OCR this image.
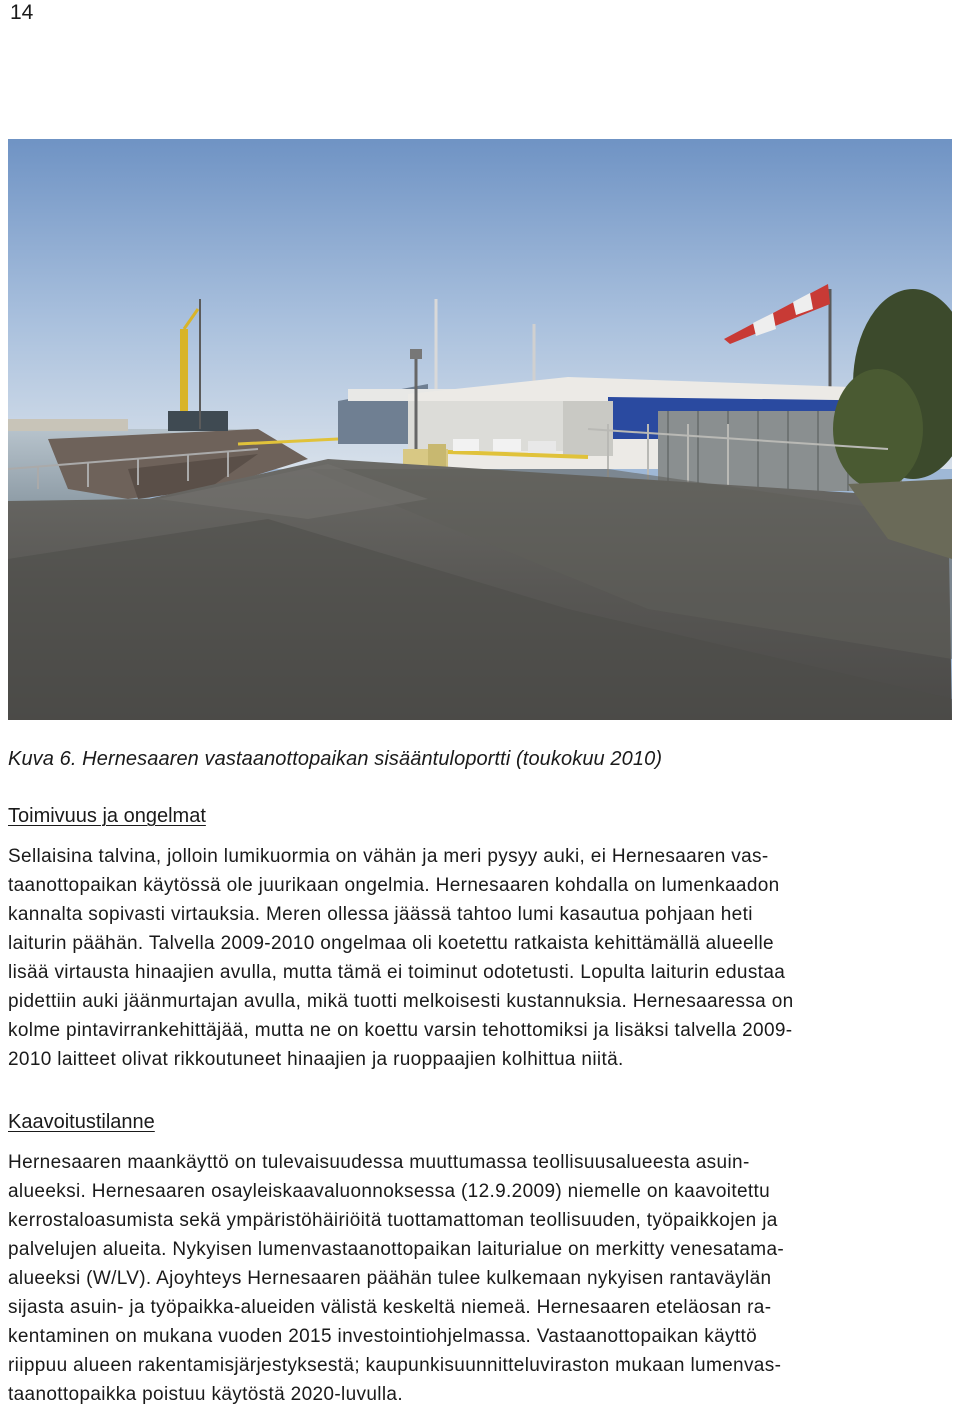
14
Kuva 6. Hernesaaren vastaanottopaikan sisääntuloportti (toukokuu 2010)
Toimivuus ja ongelmat

Sellaisina talvina, jolloin lumikuormia on vähän ja meri pysyy auki, ei Hernesaaren vas-
taanottopaikan käytössä ole juurikaan ongelmia. Hernesaaren kohdalla on lumenkaadon
kannalta sopivasti virtauksia. Meren ollessa jäässä tahtoo lumi kasautua pohjaan heti
laiturin päähän. Talvella 2009-2010 ongelmaa oli koetettu ratkaista kehittämällä alueelle
lisää virtausta hinaajien avulla, mutta tämä ei toiminut odotetusti. Lopulta laiturin edustaa
pidettiin auki jäänmurtajan avulla, mikä tuotti melkoisesti kustannuksia. Hernesaaressa on
kolme pintavirrankehittäjää, mutta ne on koettu varsin tehottomiksi ja lisäksi talvella 2009-
2010 laitteet olivat rikkoutuneet hinaajien ja ruoppaajien kolhittua niitä.

Kaavoitustilanne

Hernesaaren maankäyttö on tulevaisuudessa muuttumassa teollisuusalueesta asuin-
alueeksi. Hernesaaren osayleiskaavaluonnoksessa (12.9.2009) niemelle on kaavoitettu
kerrostaloasumista sekä ympäristöhäiriöitä tuottamattoman teollisuuden, työpaikkojen ja
palvelujen alueita. Nykyisen lumenvastaanottopaikan laiturialue on merkitty venesatama-
alueeksi (W/LV). Ajoyhteys Hernesaaren päähän tulee kulkemaan nykyisen rantaväylän
sijasta asuin- ja työpaikka-alueiden välistä keskeltä niemeä. Hernesaaren eteläosan ra-
kentaminen on mukana vuoden 2015 investointiohjelmassa. Vastaanottopaikan käyttö
riippuu alueen rakentamisjärjestyksestä; kaupunkisuunnitteluviraston mukaan lumenvas-
taanottopaikka poistuu käytöstä 2020-luvulla.
